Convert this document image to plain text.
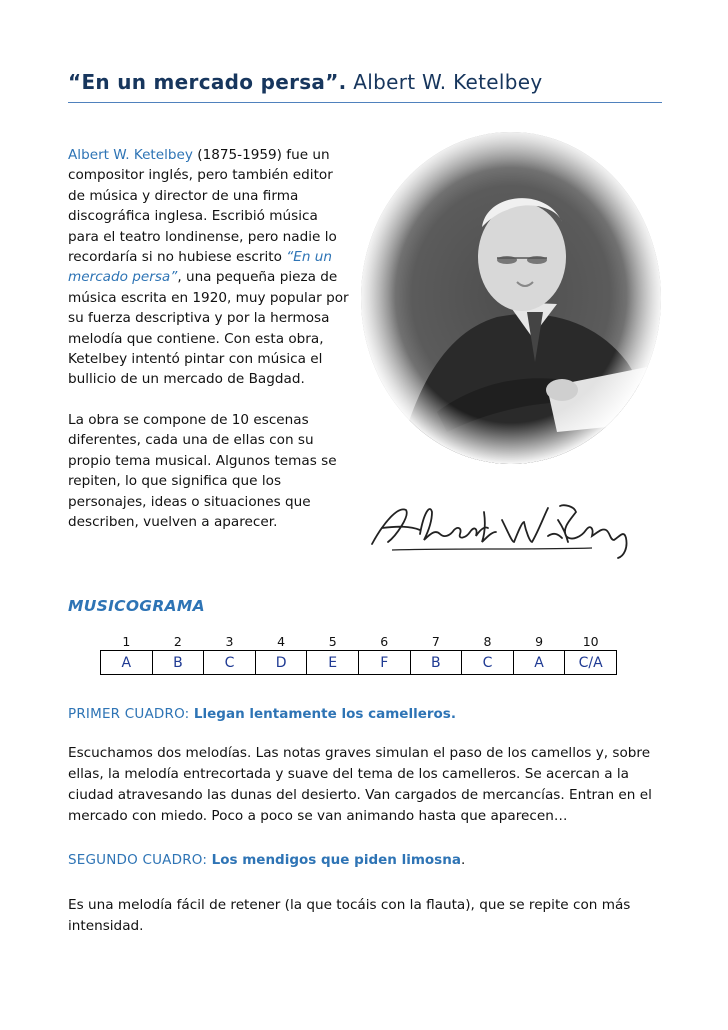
“En un mercado persa”. Albert W. Ketelbey

Albert W. Ketelbey (1875-1959) fue un compositor inglés, pero también editor de música y director de una firma discográfica inglesa. Escribió música para el teatro londinense, pero nadie lo recordaría si no hubiese escrito “En un mercado persa”, una pequeña pieza de música escrita en 1920, muy popular por su fuerza descriptiva y por la hermosa melodía que contiene. Con esta obra, Ketelbey intentó pintar con música el bullicio de un mercado de Bagdad.

La obra se compone de 10 escenas diferentes, cada una de ellas con su propio tema musical. Algunos temas se repiten, lo que significa que los personajes, ideas o situaciones que describen, vuelven a aparecer.

MUSICOGRAMA
1	2	3	4	5	6	7	8	9	10
A	B	C	D	E	F	B	C	A	C/A
PRIMER CUADRO: Llegan lentamente los camelleros.

Escuchamos dos melodías. Las notas graves simulan el paso de los camellos y, sobre ellas, la melodía entrecortada y suave del tema de los camelleros. Se acercan a la ciudad atravesando las dunas del desierto. Van cargados de mercancías. Entran en el mercado con miedo. Poco a poco se van animando hasta que aparecen…

SEGUNDO CUADRO: Los mendigos que piden limosna.

Es una melodía fácil de retener (la que tocáis con la flauta), que se repite con más intensidad.
